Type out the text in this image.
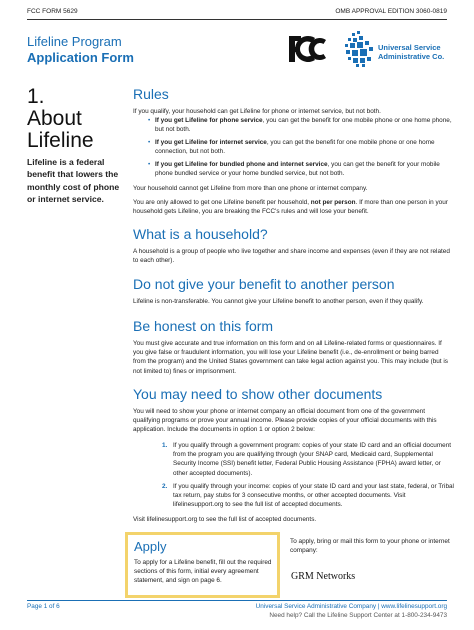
FCC FORM 5629	OMB APPROVAL EDITION 3060-0819
Lifeline Program
Application Form
Universal Service
Administrative Co.
1.
About
Lifeline
Lifeline is a federal benefit that lowers the monthly cost of phone or internet service.
Rules
If you qualify, your household can get Lifeline for phone or internet service, but not both.
• If you get Lifeline for phone service, you can get the benefit for one mobile phone or one home phone, but not both.
• If you get Lifeline for internet service, you can get the benefit for one mobile phone or one home connection, but not both.
• If you get Lifeline for bundled phone and internet service, you can get the benefit for your mobile phone bundled service or your home bundled service, but not both.
Your household cannot get Lifeline from more than one phone or internet company.
You are only allowed to get one Lifeline benefit per household, not per person. If more than one person in your household gets Lifeline, you are breaking the FCC's rules and will lose your benefit.
What is a household?
A household is a group of people who live together and share income and expenses (even if they are not related to each other).
Do not give your benefit to another person
Lifeline is non-transferable. You cannot give your Lifeline benefit to another person, even if they qualify.
Be honest on this form
You must give accurate and true information on this form and on all Lifeline-related forms or questionnaires. If you give false or fraudulent information, you will lose your Lifeline benefit (i.e., de-enrollment or being barred from the program) and the United States government can take legal action against you. This may include (but is not limited to) fines or imprisonment.
You may need to show other documents
You will need to show your phone or internet company an official document from one of the government qualifying programs or prove your annual income. Please provide copies of your official documents with this application. Include the documents in option 1 or option 2 below:
1. If you qualify through a government program: copies of your state ID card and an official document from the program you are qualifying through (your SNAP card, Medicaid card, Supplemental Security Income (SSI) benefit letter, Federal Public Housing Assistance (FPHA) award letter, or other accepted documents).
2. If you qualify through your income: copies of your state ID card and your last state, federal, or Tribal tax return, pay stubs for 3 consecutive months, or other accepted documents. Visit lifelinesupport.org to see the full list of accepted documents.
Visit lifelinesupport.org to see the full list of accepted documents.
Apply
To apply for a Lifeline benefit, fill out the required sections of this form, initial every agreement statement, and sign on page 6.
To apply, bring or mail this form to your phone or internet company:
GRM Networks
Page 1 of 6	Universal Service Administrative Company | www.lifelinesupport.org
Need help? Call the Lifeline Support Center at 1-800-234-9473
